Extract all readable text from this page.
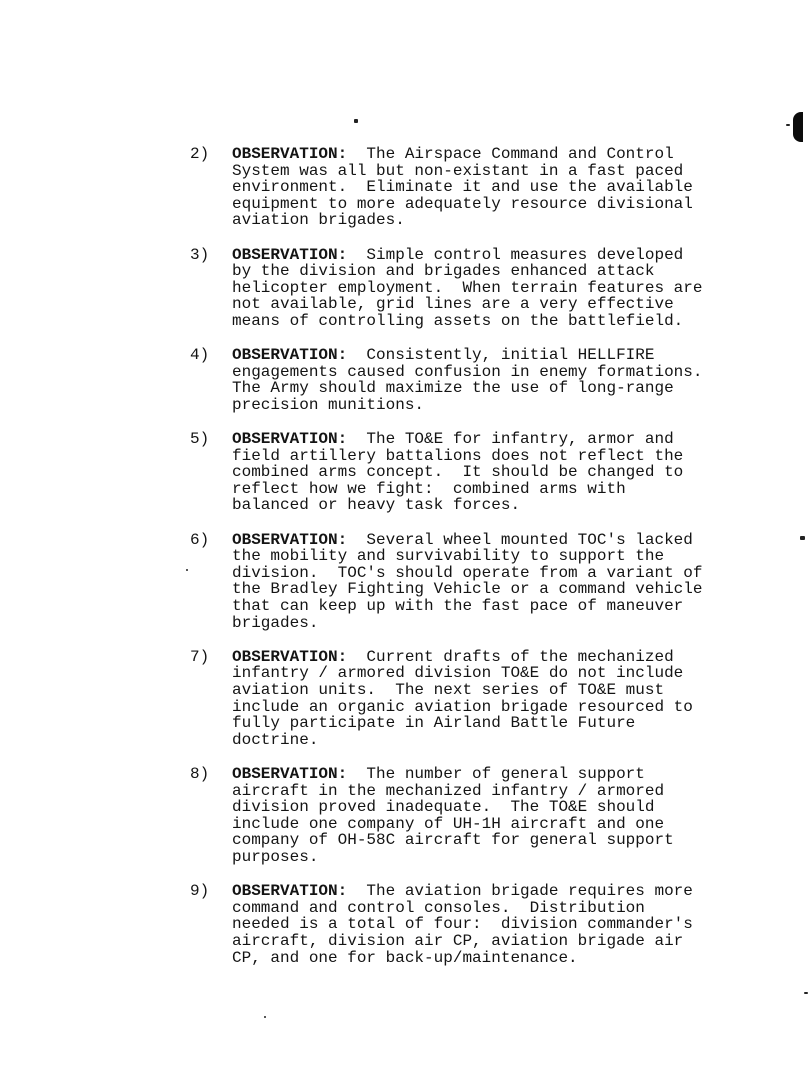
2) OBSERVATION: The Airspace Command and Control
System was all but non-existant in a fast paced
environment.  Eliminate it and use the available
equipment to more adequately resource divisional
aviation brigades.
3) OBSERVATION: Simple control measures developed
by the division and brigades enhanced attack
helicopter employment.  When terrain features are
not available, grid lines are a very effective
means of controlling assets on the battlefield.
4) OBSERVATION: Consistently, initial HELLFIRE
engagements caused confusion in enemy formations.
The Army should maximize the use of long-range
precision munitions.
5) OBSERVATION: The TO&E for infantry, armor and
field artillery battalions does not reflect the
combined arms concept.  It should be changed to
reflect how we fight:  combined arms with
balanced or heavy task forces.
6) OBSERVATION: Several wheel mounted TOC's lacked
the mobility and survivability to support the
division.  TOC's should operate from a variant of
the Bradley Fighting Vehicle or a command vehicle
that can keep up with the fast pace of maneuver
brigades.
7) OBSERVATION: Current drafts of the mechanized
infantry / armored division TO&E do not include
aviation units.  The next series of TO&E must
include an organic aviation brigade resourced to
fully participate in Airland Battle Future
doctrine.
8) OBSERVATION: The number of general support
aircraft in the mechanized infantry / armored
division proved inadequate.  The TO&E should
include one company of UH-1H aircraft and one
company of OH-58C aircraft for general support
purposes.
9) OBSERVATION: The aviation brigade requires more
command and control consoles.  Distribution
needed is a total of four:  division commander's
aircraft, division air CP, aviation brigade air
CP, and one for back-up/maintenance.
